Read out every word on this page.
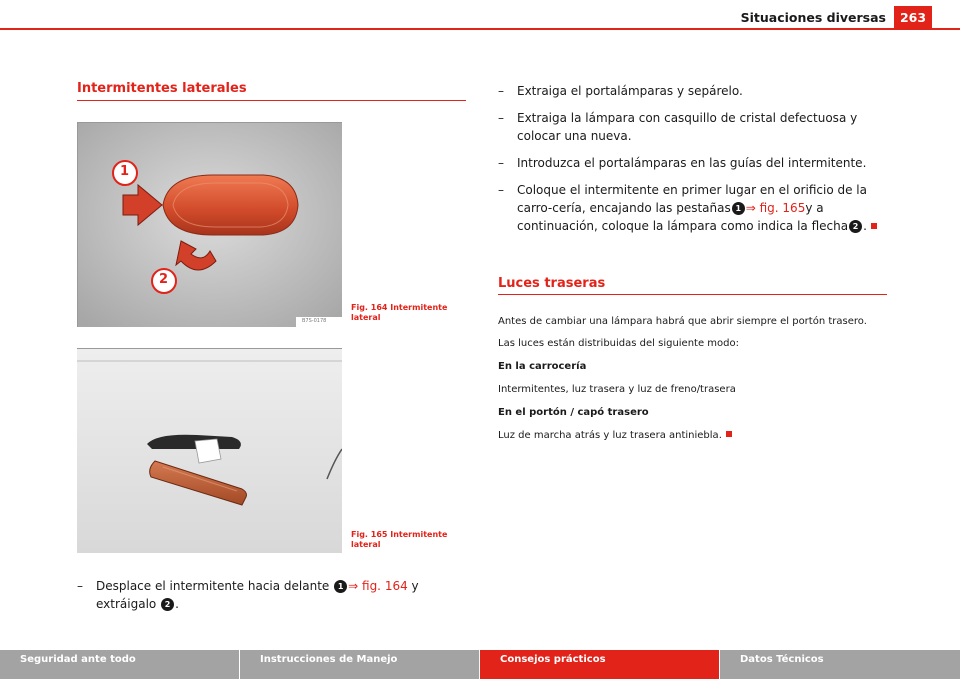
Situaciones diversas	263
Intermitentes laterales
1
2
B7S-0178
Fig. 164 Intermitente lateral
Fig. 165 Intermitente lateral
–	Desplace el intermitente hacia delante 1 ⇒ fig. 164 y extráigalo 2 .
–	Extraiga el portalámparas y sepárelo.
–	Extraiga la lámpara con casquillo de cristal defectuosa y colocar una nueva.
–	Introduzca el portalámparas en las guías del intermitente.
–	Coloque el intermitente en primer lugar en el orificio de la carro-cería, encajando las pestañas 1 ⇒ fig. 165y a continuación, coloque la lámpara como indica la flecha 2 .
Luces traseras
Antes de cambiar una lámpara habrá que abrir siempre el portón trasero.
Las luces están distribuidas del siguiente modo:
En la carrocería
Intermitentes, luz trasera y luz de freno/trasera
En el portón / capó trasero
Luz de marcha atrás y luz trasera antiniebla.
Seguridad ante todo	Instrucciones de Manejo	Consejos prácticos	Datos Técnicos
